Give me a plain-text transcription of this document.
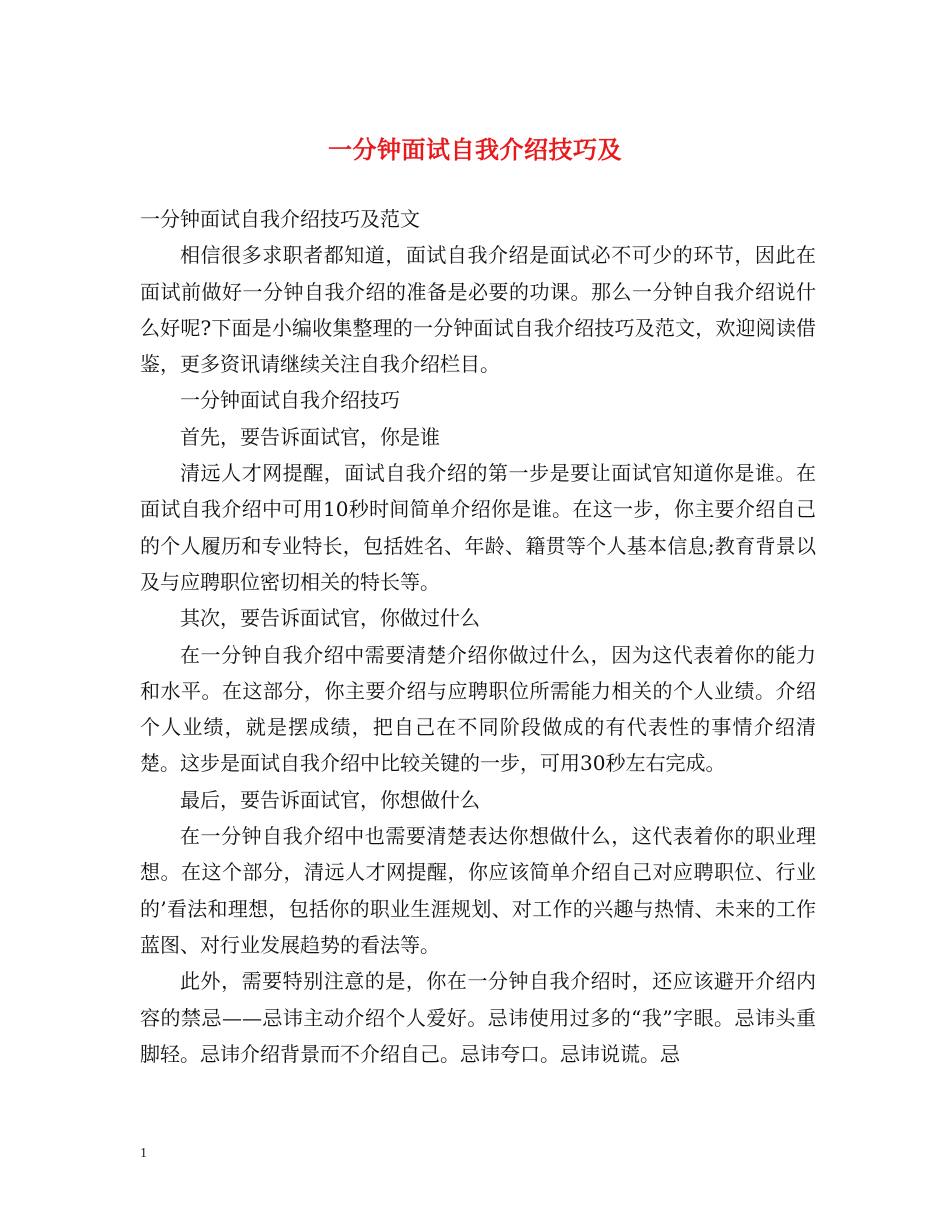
一分钟面试自我介绍技巧及

一分钟面试自我介绍技巧及范文

相信很多求职者都知道，面试自我介绍是面试必不可少的环节，因此在面试前做好一分钟自我介绍的准备是必要的功课。那么一分钟自我介绍说什么好呢?下面是小编收集整理的一分钟面试自我介绍技巧及范文，欢迎阅读借鉴，更多资讯请继续关注自我介绍栏目。

一分钟面试自我介绍技巧

首先，要告诉面试官，你是谁

清远人才网提醒，面试自我介绍的第一步是要让面试官知道你是谁。在面试自我介绍中可用10秒时间简单介绍你是谁。在这一步，你主要介绍自己的个人履历和专业特长，包括姓名、年龄、籍贯等个人基本信息;教育背景以及与应聘职位密切相关的特长等。

其次，要告诉面试官，你做过什么

在一分钟自我介绍中需要清楚介绍你做过什么，因为这代表着你的能力和水平。在这部分，你主要介绍与应聘职位所需能力相关的个人业绩。介绍个人业绩，就是摆成绩，把自己在不同阶段做成的有代表性的事情介绍清楚。这步是面试自我介绍中比较关键的一步，可用30秒左右完成。

最后，要告诉面试官，你想做什么

在一分钟自我介绍中也需要清楚表达你想做什么，这代表着你的职业理想。在这个部分，清远人才网提醒，你应该简单介绍自己对应聘职位、行业的’看法和理想，包括你的职业生涯规划、对工作的兴趣与热情、未来的工作蓝图、对行业发展趋势的看法等。

此外，需要特别注意的是，你在一分钟自我介绍时，还应该避开介绍内容的禁忌——忌讳主动介绍个人爱好。忌讳使用过多的“我”字眼。忌讳头重脚轻。忌讳介绍背景而不介绍自己。忌讳夸口。忌讳说谎。忌

1
